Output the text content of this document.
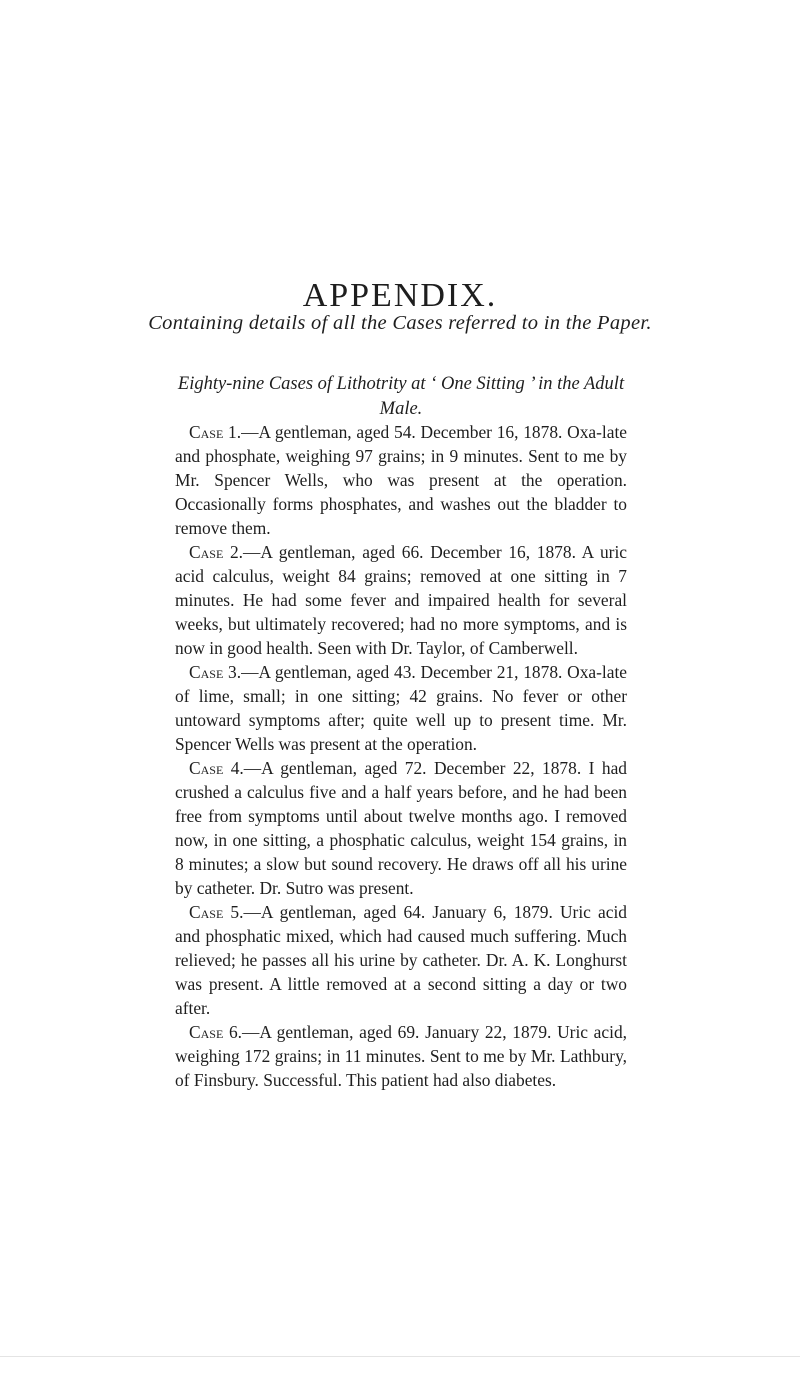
APPENDIX.
Containing details of all the Cases referred to in the Paper.
Eighty-nine Cases of Lithotrity at ‘ One Sitting ’ in the Adult Male.

Case 1.—A gentleman, aged 54. December 16, 1878. Oxa-late and phosphate, weighing 97 grains; in 9 minutes. Sent to me by Mr. Spencer Wells, who was present at the operation. Occasionally forms phosphates, and washes out the bladder to remove them.

Case 2.—A gentleman, aged 66. December 16, 1878. A uric acid calculus, weight 84 grains; removed at one sitting in 7 minutes. He had some fever and impaired health for several weeks, but ultimately recovered; had no more symptoms, and is now in good health. Seen with Dr. Taylor, of Camberwell.

Case 3.—A gentleman, aged 43. December 21, 1878. Oxa-late of lime, small; in one sitting; 42 grains. No fever or other untoward symptoms after; quite well up to present time. Mr. Spencer Wells was present at the operation.

Case 4.—A gentleman, aged 72. December 22, 1878. I had crushed a calculus five and a half years before, and he had been free from symptoms until about twelve months ago. I removed now, in one sitting, a phosphatic calculus, weight 154 grains, in 8 minutes; a slow but sound recovery. He draws off all his urine by catheter. Dr. Sutro was present.

Case 5.—A gentleman, aged 64. January 6, 1879. Uric acid and phosphatic mixed, which had caused much suffering. Much relieved; he passes all his urine by catheter. Dr. A. K. Longhurst was present. A little removed at a second sitting a day or two after.

Case 6.—A gentleman, aged 69. January 22, 1879. Uric acid, weighing 172 grains; in 11 minutes. Sent to me by Mr. Lathbury, of Finsbury. Successful. This patient had also diabetes.
